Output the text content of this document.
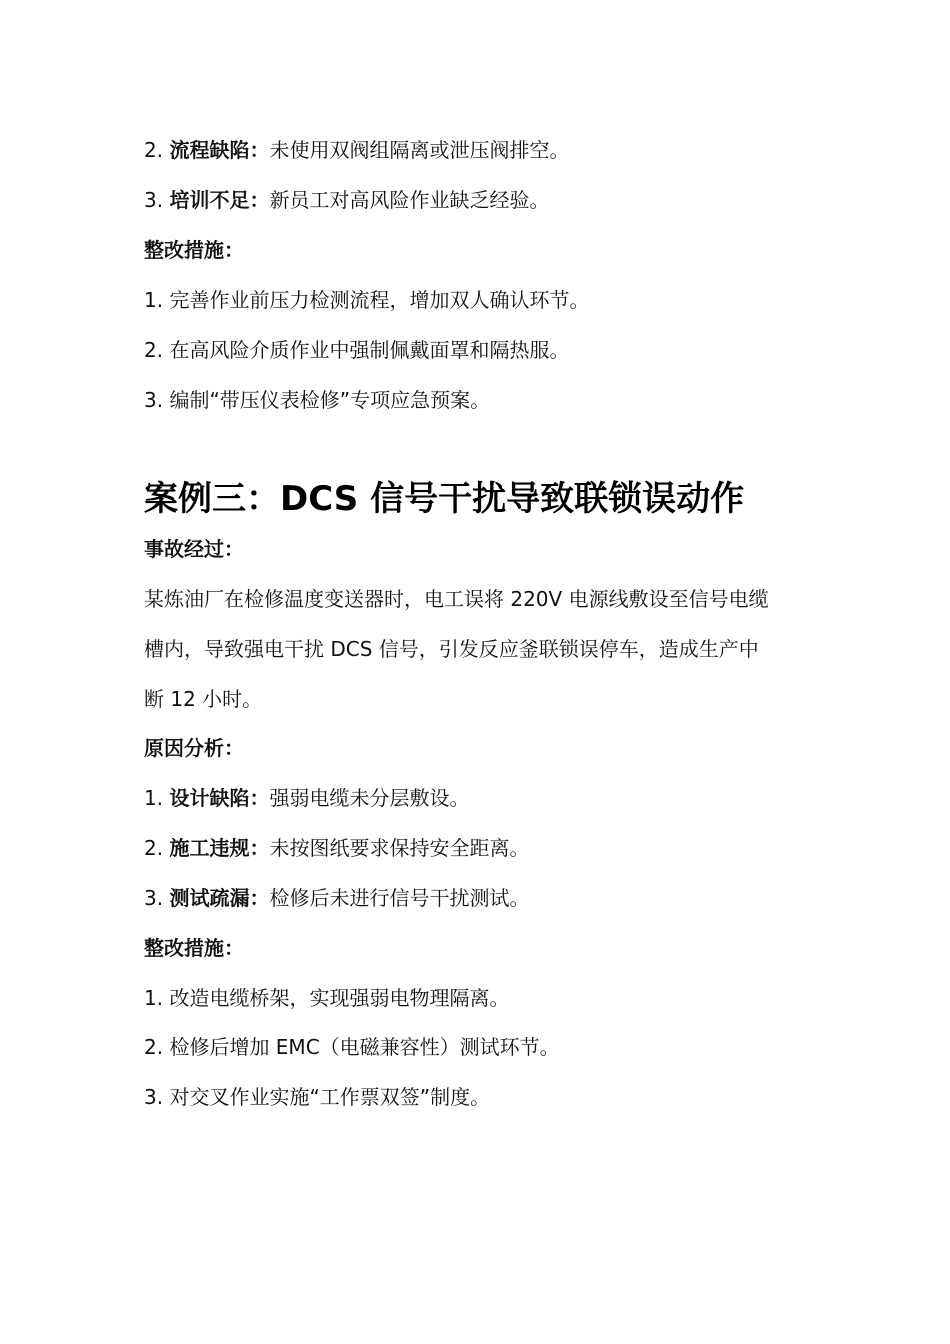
2. 流程缺陷：未使用双阀组隔离或泄压阀排空。
3. 培训不足：新员工对高风险作业缺乏经验。
整改措施：
1. 完善作业前压力检测流程，增加双人确认环节。
2. 在高风险介质作业中强制佩戴面罩和隔热服。
3. 编制“带压仪表检修”专项应急预案。
案例三：DCS 信号干扰导致联锁误动作
事故经过：
某炼油厂在检修温度变送器时，电工误将 220V 电源线敷设至信号电缆
槽内，导致强电干扰 DCS 信号，引发反应釜联锁误停车，造成生产中
断 12 小时。
原因分析：
1. 设计缺陷：强弱电缆未分层敷设。
2. 施工违规：未按图纸要求保持安全距离。
3. 测试疏漏：检修后未进行信号干扰测试。
整改措施：
1. 改造电缆桥架，实现强弱电物理隔离。
2. 检修后增加 EMC（电磁兼容性）测试环节。
3. 对交叉作业实施“工作票双签”制度。
